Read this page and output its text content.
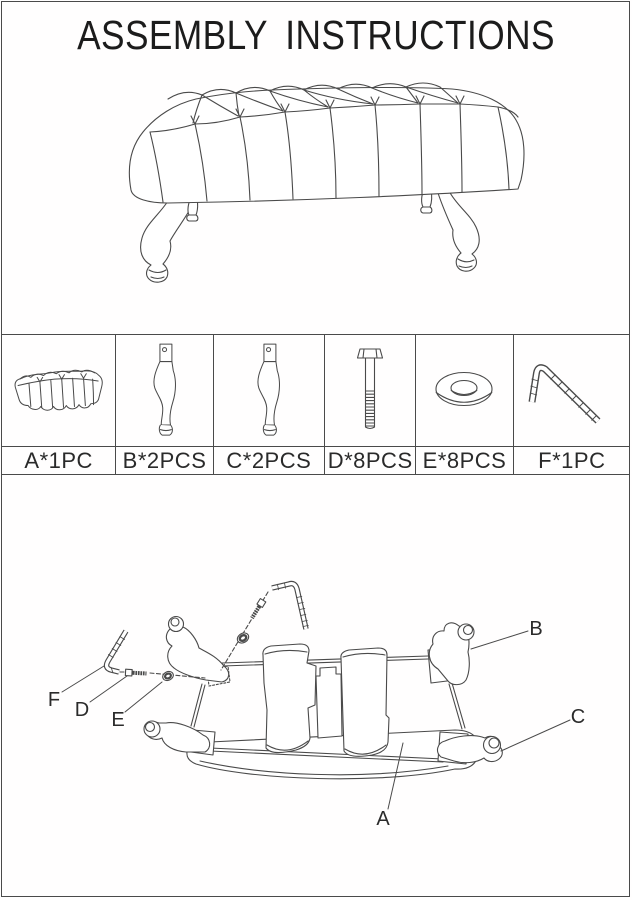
ASSEMBLY INSTRUCTIONS
A*1PC	B*2PCS C*2PCS D*8PCS E*8PCS	F*1PC
F D E
A
B
C
